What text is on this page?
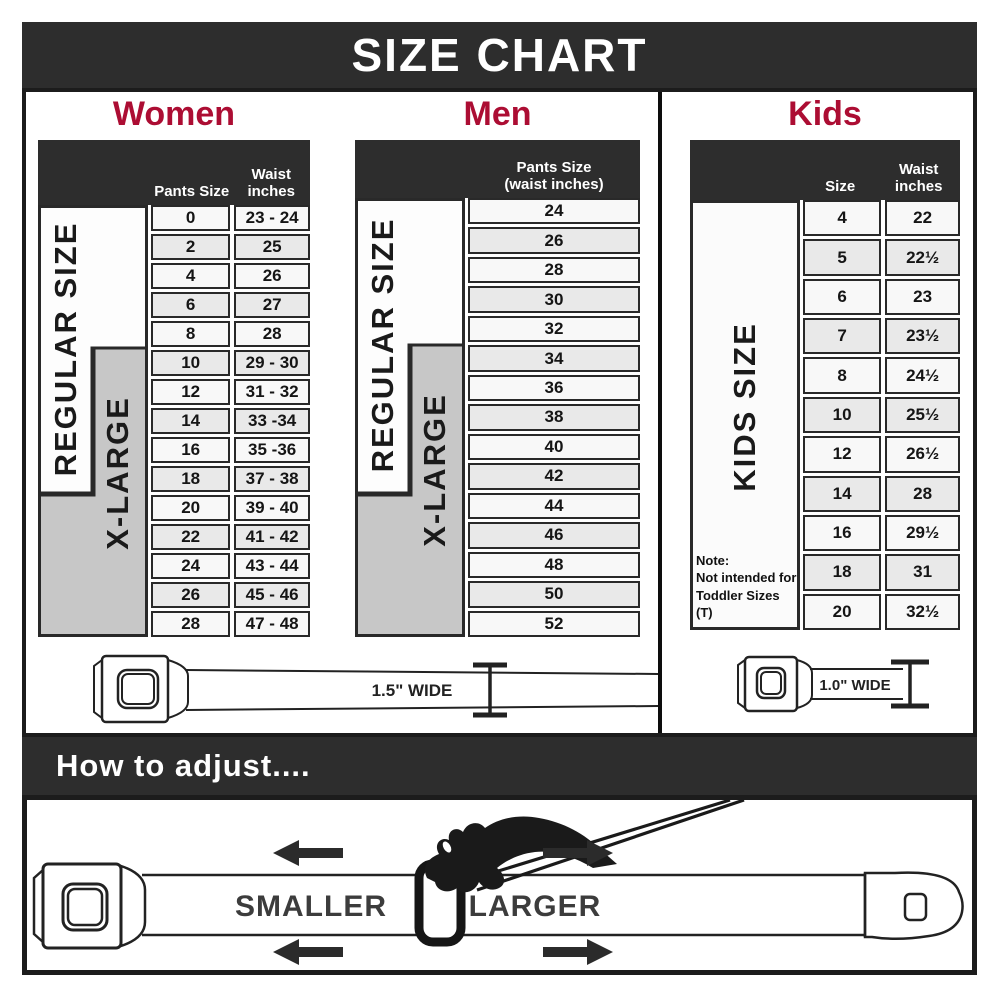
SIZE CHART
Women	Men	Kids
Pants Size
Waist inches
REGULAR SIZE X-LARGE
0	23 - 24
2	25
4	26
6	27
8	28
10	29 - 30
12	31 - 32
14	33 -34
16	35 -36
18	37 - 38
20	39 - 40
22	41 - 42
24	43 - 44
26	45 - 46
28	47 - 48
Pants Size
(waist inches)
REGULAR SIZE X-LARGE
24
26
28
30
32
34
36
38
40
42
44
46
48
50
52
Size
Waist inches
KIDS SIZE
Note:
Not intended for
Toddler Sizes (T)
4	22
5	22½
6	23
7	23½
8	24½
10	25½
12	26½
14	28
16	29½
18	31
20	32½
1.5" WIDE	1.0" WIDE
How to adjust....
SMALLER	LARGER
